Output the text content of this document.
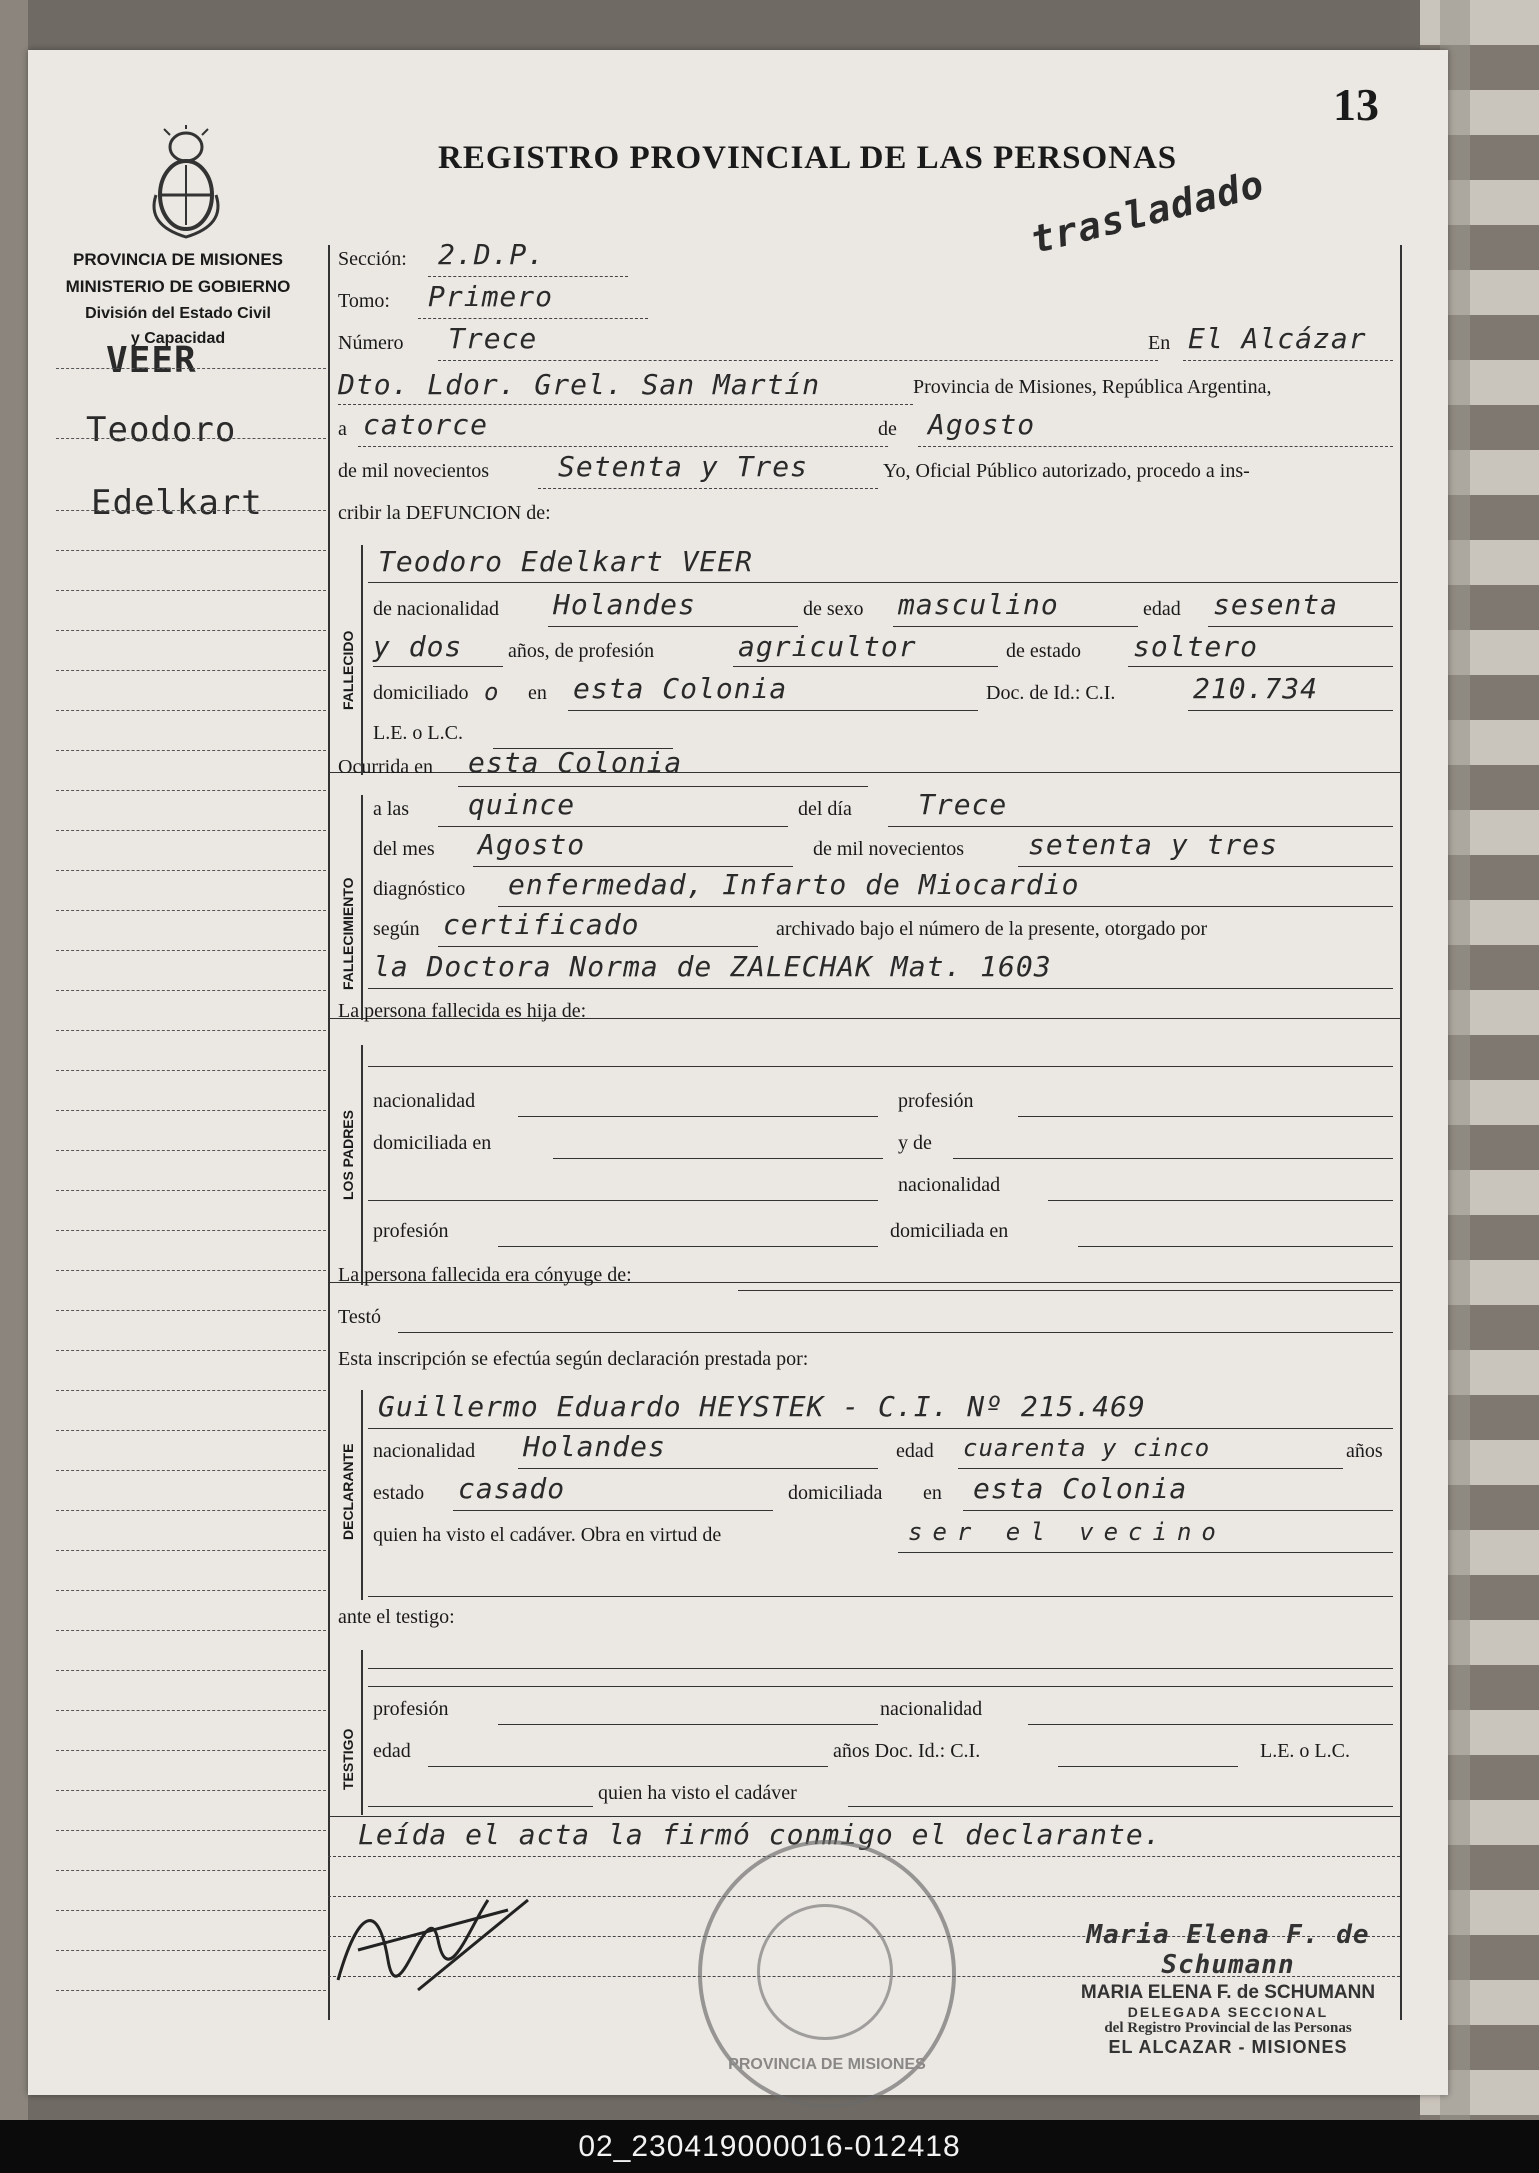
13
REGISTRO PROVINCIAL DE LAS PERSONAS
trasladado
PROVINCIA DE MISIONES
MINISTERIO DE GOBIERNO
División del Estado Civil
y Capacidad
VEER
Teodoro
Edelkart
Sección: 2.D.P.
Tomo: Primero
Número Trece	En El Alcázar
Dto. Ldor. Grel. San Martín	Provincia de Misiones, República Argentina,
a catorce	de Agosto
de mil novecientos Setenta y Tres	Yo, Oficial Público autorizado, procedo a ins-
cribir la DEFUNCION de:
FALLECIDO
Teodoro Edelkart VEER
de nacionalidad Holandes	de sexo masculino	edad sesenta
y dos años, de profesión	agricultor	de estado soltero
domiciliado o en esta Colonia	Doc. de Id.: C.I.	210.734
L.E. o L.C.
Ocurrida en esta Colonia
FALLECIMIENTO
a las quince	del día Trece
del mes Agosto	de mil novecientos setenta y tres
diagnóstico enfermedad, Infarto de Miocardio
según certificado	archivado bajo el número de la presente, otorgado por
la Doctora Norma de ZALECHAK Mat. 1603
La persona fallecida es hija de:
LOS PADRES
nacionalidad	profesión
domiciliada en	y de
nacionalidad
profesión	domiciliada en
La persona fallecida era cónyuge de:
Testó
Esta inscripción se efectúa según declaración prestada por:
DECLARANTE
Guillermo Eduardo HEYSTEK - C.I. Nº 215.469
nacionalidad Holandes	edad cuarenta y cinco	años
estado casado	domiciliada en esta Colonia
quien ha visto el cadáver. Obra en virtud de	ser el vecino
ante el testigo:
TESTIGO
profesión	nacionalidad
edad	años Doc. Id.: C.I.	L.E. o L.C.
quien ha visto el cadáver
Leída el acta la firmó conmigo el declarante.
PROVINCIA DE MISIONES
Maria Elena F. de Schumann
MARIA ELENA F. de SCHUMANN
DELEGADA SECCIONAL
del Registro Provincial de las Personas
EL ALCAZAR - MISIONES
02_230419000016-012418
